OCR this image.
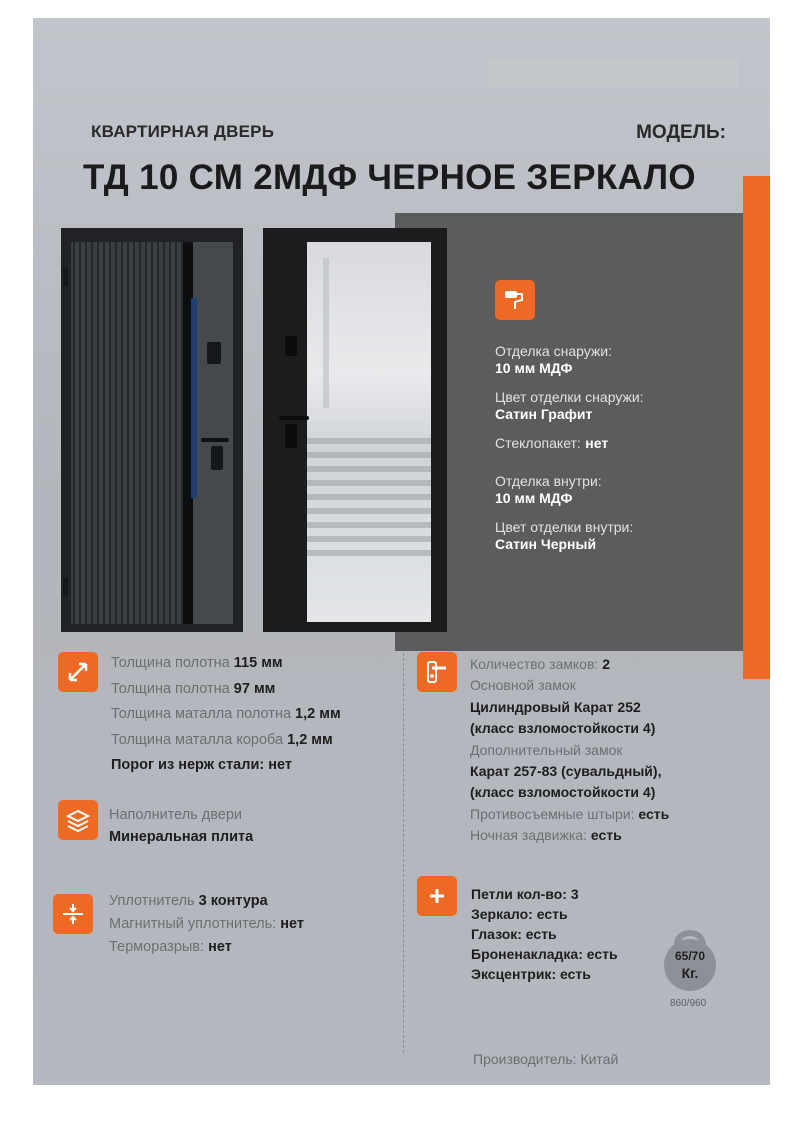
КВАРТИРНАЯ ДВЕРЬ	МОДЕЛЬ:
ТД 10 СМ 2МДФ ЧЕРНОЕ ЗЕРКАЛО
Отделка снаружи:
10 мм МДФ
Цвет отделки снаружи:
Сатин Графит
Стеклопакет: нет
Отделка внутри:
10 мм МДФ
Цвет отделки внутри:
Сатин Черный
Толщина полотна 115 мм
Толщина полотна 97 мм
Толщина маталла полотна 1,2 мм
Толщина маталла короба 1,2 мм
Порог из нерж стали: нет
Наполнитель двери
Минеральная плита
Уплотнитель 3 контура
Магнитный уплотнитель: нет
Терморазрыв: нет
Количество замков: 2
Основной замок
Цилиндровый Карат 252
(класс взломостойкости 4)
Дополнительный замок
Карат 257-83 (сувальдный),
(класс взломостойкости 4)
Противосъемные штыри: есть
Ночная задвижка: есть
Петли кол-во: 3
Зеркало: есть
Глазок: есть
Броненакладка: есть
Эксцентрик: есть
65/70
Кг.
860/960
Производитель: Китай
